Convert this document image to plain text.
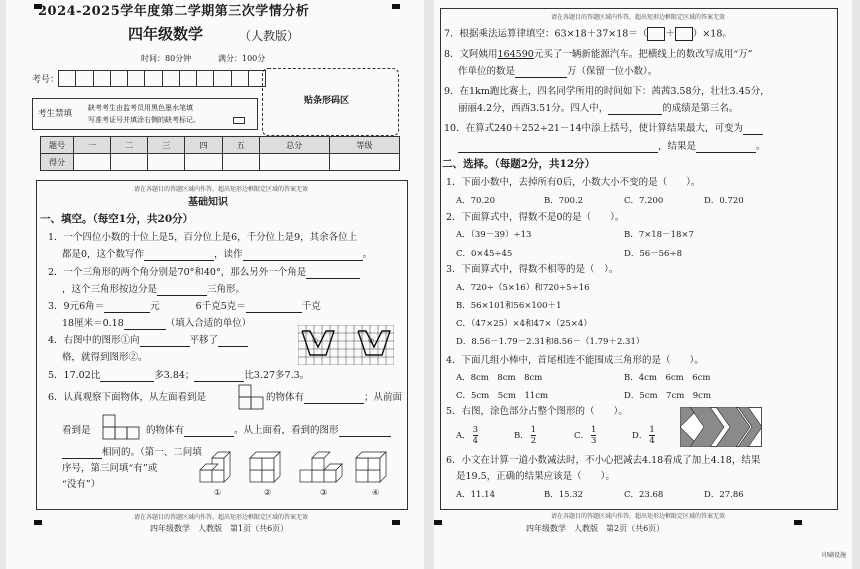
2024-2025学年度第二学期第三次学情分析
四年级数学	（人教版）
时间：80分钟	满分：100分
考号：
贴条形码区
考生禁填
缺考考生由监考员用黑色墨水笔填
写准考证号并填涂右侧的缺考标记。
题号	一	二	三	四	五	总分	等级
得分							
请在各题目的答题区域内作答，超出矩形边框限定区域的答案无效
基础知识
一、填空。（每空1分，共20分）
1．一个四位小数的十位上是5，百分位上是6，千分位上是9，其余各位上
都是0，这个数写作	，读作	。
2．一个三角形的两个角分别是70°和40°，那么另外一个角是
，这个三角形按边分是	三角形。
3．9元6角＝	元	6千克5克＝	千克
18厘米＝0.18	（填入合适的单位）
4．右图中的图形①向	平移了
格，就得到图形②。
①	②
5．17.02比	多3.84；	比3.27多7.3。
6．认真观察下面物体，从左面看到是	的物体有	；从前面
看到是	的物体有	。从上面看，看到的图形
相同的。（第一、二问填
序号，第三问填“有”或
“没有”）
①	②	③	④
请在各题目的答题区域内作答，超出矩形边框限定区域的答案无效
四年级数学　人教版　第1页（共6页）
请在各题目的答题区域内作答，超出矩形边框限定区域的答案无效
7．根据乘法运算律填空：63×18＋37×18＝（ ＋ ）×18。
8．文阿姨用164590元买了一辆新能源汽车。把横线上的数改写成用“万”
作单位的数是	万（保留一位小数）。
9．在1km跑比赛上，四名同学所用的时间如下：茜茜3.58分，壮壮3.45分，
丽丽4.2分，西西3.51分。四人中，	的成绩是第三名。
10．在算式240＋252÷21－14中添上括号，使计算结果最大，可变为
，结果是	。
二、选择。（每题2分，共12分）
1．下面小数中，去掉所有0后，小数大小不变的是（　　）。
A．70.20	B．700.2	C．7.200	D．0.720
2．下面算式中，得数不是0的是（　　）。
A．（39－39）÷13	B．7×18－18×7
C．0×45÷45	D．56－56÷8
3．下面算式中，得数不相等的是（　）。
A．720÷（5×16）和720÷5÷16
B．56×101和56×100＋1
C．（47×25）×4和47×（25×4）
D．8.56－1.79－2.31和8.56－（1.79＋2.31）
4．下面几组小棒中，首尾相连不能围成三角形的是（　　）。
A．8cm　8cm　8cm	B．4cm　6cm　6cm
C．5cm　5cm　11cm	D．5cm　7cm　9cm
5．右图，涂色部分占整个图形的（　　）。
A． $\frac{3}{4}$	B． $\frac{1}{2}$	C． $\frac{1}{3}$	D． $\frac{1}{4}$
6．小文在计算一道小数减法时，不小心把减去4.18看成了加上4.18，结果
是19.5，正确的结果应该是（　　）。
A．11.14	B．15.32	C．23.68	D．27.86
请在各题目的答题区域内作答，超出矩形边框限定区域的答案无效
四年级数学　人教版　第2页（共6页）
印刷设施
